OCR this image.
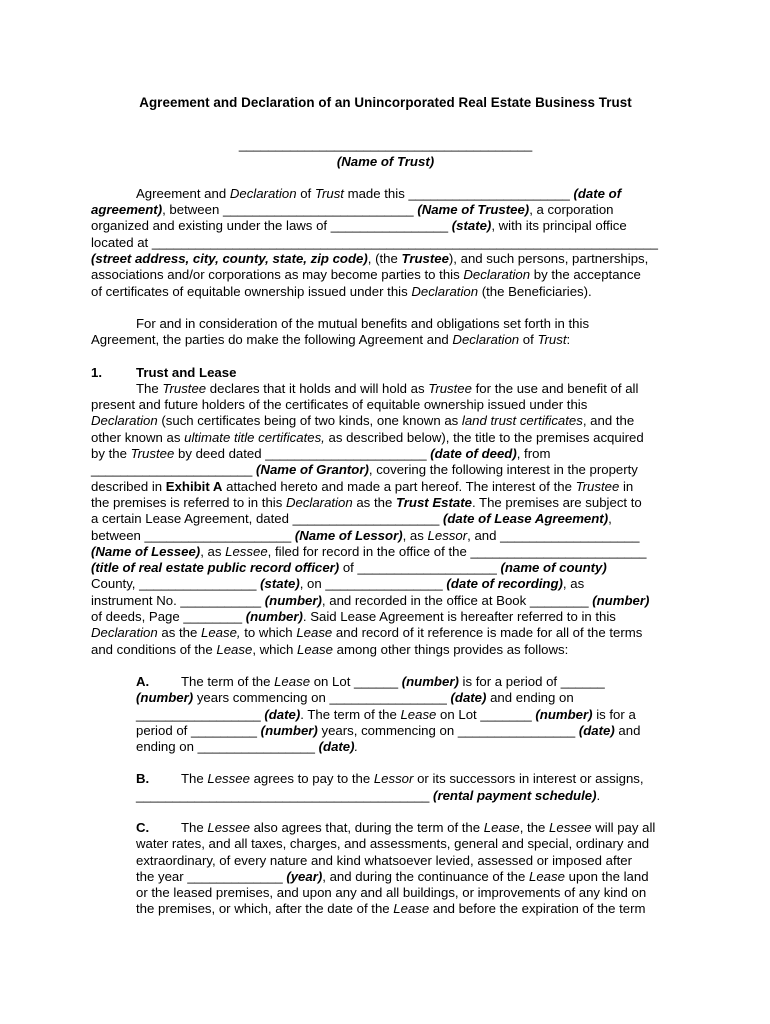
Agreement and Declaration of an Unincorporated Real Estate Business Trust
________________________________________
(Name of Trust)
Agreement and Declaration of Trust made this ______________________ (date of
agreement), between __________________________ (Name of Trustee), a corporation
organized and existing under the laws of ________________ (state), with its principal office
located at _____________________________________________________________________
(street address, city, county, state, zip code), (the Trustee), and such persons, partnerships,
associations and/or corporations as may become parties to this Declaration by the acceptance
of certificates of equitable ownership issued under this Declaration (the Beneficiaries).
For and in consideration of the mutual benefits and obligations set forth in this
Agreement, the parties do make the following Agreement and Declaration of Trust:
1.	Trust and Lease
The Trustee declares that it holds and will hold as Trustee for the use and benefit of all
present and future holders of the certificates of equitable ownership issued under this
Declaration (such certificates being of two kinds, one known as land trust certificates, and the
other known as ultimate title certificates, as described below), the title to the premises acquired
by the Trustee by deed dated ______________________ (date of deed), from
______________________ (Name of Grantor), covering the following interest in the property
described in Exhibit A attached hereto and made a part hereof. The interest of the Trustee in
the premises is referred to in this Declaration as the Trust Estate. The premises are subject to
a certain Lease Agreement, dated ____________________ (date of Lease Agreement),
between ____________________ (Name of Lessor), as Lessor, and ___________________
(Name of Lessee), as Lessee, filed for record in the office of the ________________________
(title of real estate public record officer) of ___________________ (name of county)
County, ________________ (state), on ________________ (date of recording), as
instrument No. ___________ (number), and recorded in the office at Book ________ (number)
of deeds, Page ________ (number). Said Lease Agreement is hereafter referred to in this
Declaration as the Lease, to which Lease and record of it reference is made for all of the terms
and conditions of the Lease, which Lease among other things provides as follows:
A. The term of the Lease on Lot ______ (number) is for a period of ______
(number) years commencing on ________________ (date) and ending on
_________________ (date). The term of the Lease on Lot _______ (number) is for a
period of _________ (number) years, commencing on ________________ (date) and
ending on ________________ (date).
B. The Lessee agrees to pay to the Lessor or its successors in interest or assigns,
________________________________________ (rental payment schedule).
C. The Lessee also agrees that, during the term of the Lease, the Lessee will pay all
water rates, and all taxes, charges, and assessments, general and special, ordinary and
extraordinary, of every nature and kind whatsoever levied, assessed or imposed after
the year _____________ (year), and during the continuance of the Lease upon the land
or the leased premises, and upon any and all buildings, or improvements of any kind on
the premises, or which, after the date of the Lease and before the expiration of the term
